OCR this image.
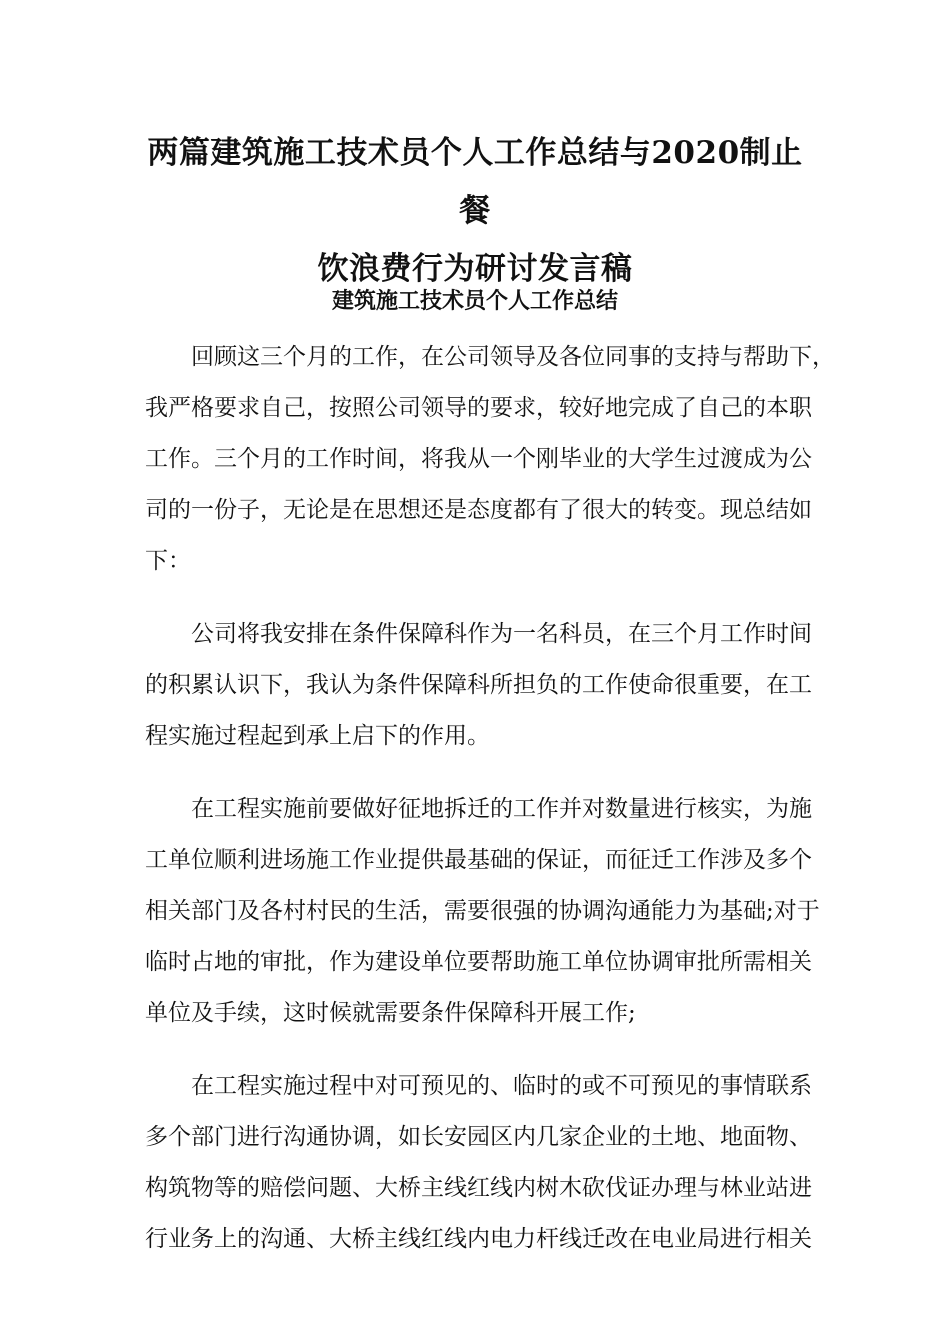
两篇建筑施工技术员个人工作总结与2020制止餐
饮浪费行为研讨发言稿
建筑施工技术员个人工作总结
回顾这三个月的工作，在公司领导及各位同事的支持与帮助下，
我严格要求自己，按照公司领导的要求，较好地完成了自己的本职
工作。三个月的工作时间，将我从一个刚毕业的大学生过渡成为公
司的一份子，无论是在思想还是态度都有了很大的转变。现总结如
下：
公司将我安排在条件保障科作为一名科员，在三个月工作时间
的积累认识下，我认为条件保障科所担负的工作使命很重要，在工
程实施过程起到承上启下的作用。
在工程实施前要做好征地拆迁的工作并对数量进行核实，为施
工单位顺利进场施工作业提供最基础的保证，而征迁工作涉及多个
相关部门及各村村民的生活，需要很强的协调沟通能力为基础;对于
临时占地的审批，作为建设单位要帮助施工单位协调审批所需相关
单位及手续，这时候就需要条件保障科开展工作;
在工程实施过程中对可预见的、临时的或不可预见的事情联系
多个部门进行沟通协调，如长安园区内几家企业的土地、地面物、
构筑物等的赔偿问题、大桥主线红线内树木砍伐证办理与林业站进
行业务上的沟通、大桥主线红线内电力杆线迁改在电业局进行相关
